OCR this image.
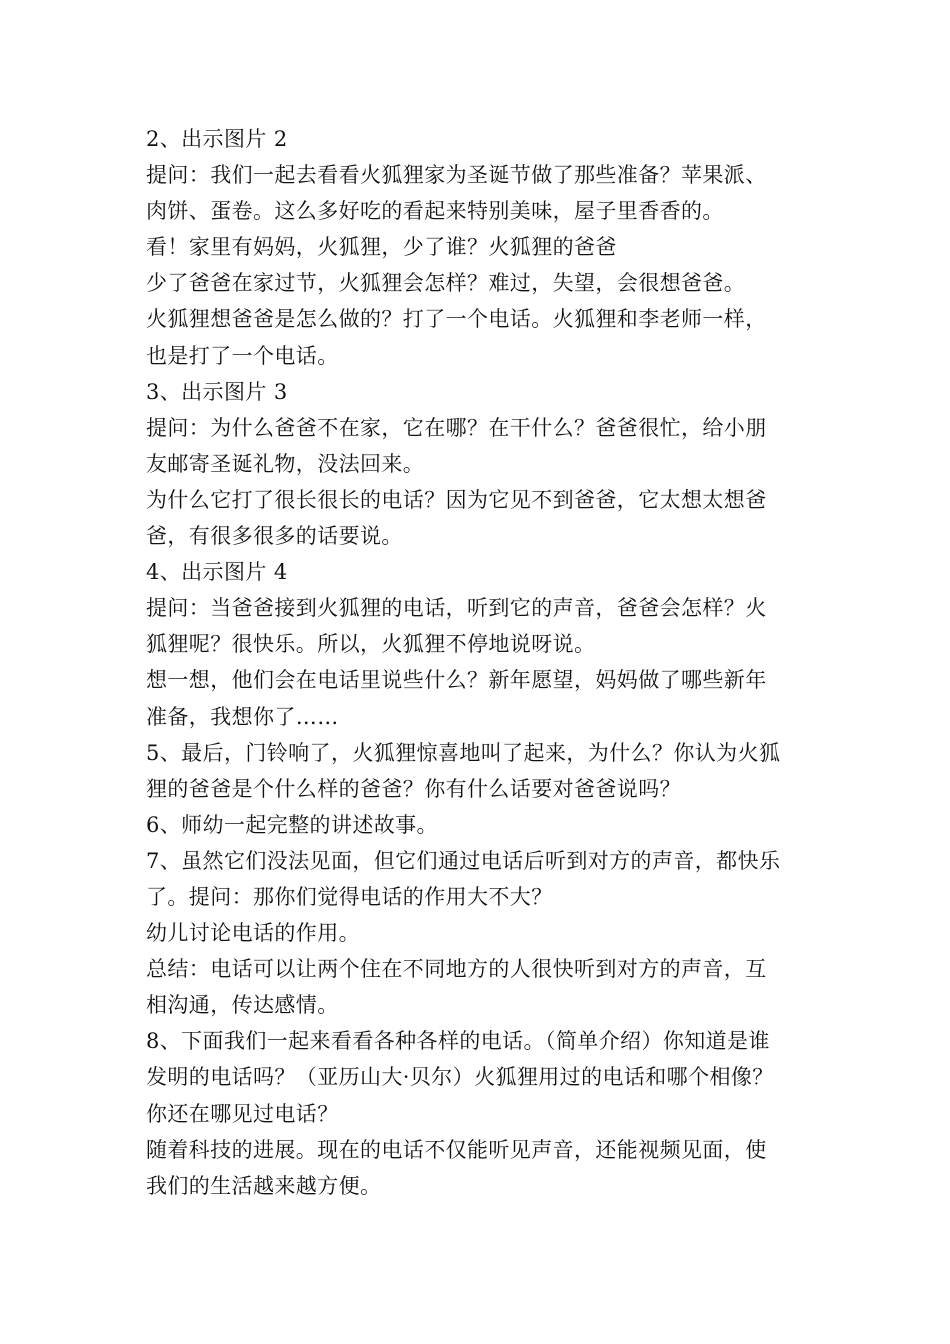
2、出示图片 2
提问：我们一起去看看火狐狸家为圣诞节做了那些准备？苹果派、
肉饼、蛋卷。这么多好吃的看起来特别美味，屋子里香香的。
看！家里有妈妈，火狐狸，少了谁？火狐狸的爸爸
少了爸爸在家过节，火狐狸会怎样？难过，失望，会很想爸爸。
火狐狸想爸爸是怎么做的？打了一个电话。火狐狸和李老师一样，
也是打了一个电话。
3、出示图片 3
提问：为什么爸爸不在家，它在哪？在干什么？爸爸很忙，给小朋
友邮寄圣诞礼物，没法回来。
为什么它打了很长很长的电话？因为它见不到爸爸，它太想太想爸
爸，有很多很多的话要说。
4、出示图片 4
提问：当爸爸接到火狐狸的电话，听到它的声音，爸爸会怎样？火
狐狸呢？很快乐。所以，火狐狸不停地说呀说。
想一想，他们会在电话里说些什么？新年愿望，妈妈做了哪些新年
准备，我想你了……
5、最后，门铃响了，火狐狸惊喜地叫了起来，为什么？你认为火狐
狸的爸爸是个什么样的爸爸？你有什么话要对爸爸说吗？
6、师幼一起完整的讲述故事。
7、虽然它们没法见面，但它们通过电话后听到对方的声音，都快乐
了。提问：那你们觉得电话的作用大不大？
幼儿讨论电话的作用。
总结：电话可以让两个住在不同地方的人很快听到对方的声音，互
相沟通，传达感情。
8、下面我们一起来看看各种各样的电话。（简单介绍）你知道是谁
发明的电话吗？（亚历山大·贝尔）火狐狸用过的电话和哪个相像？
你还在哪见过电话？
随着科技的进展。现在的电话不仅能听见声音，还能视频见面，使
我们的生活越来越方便。
